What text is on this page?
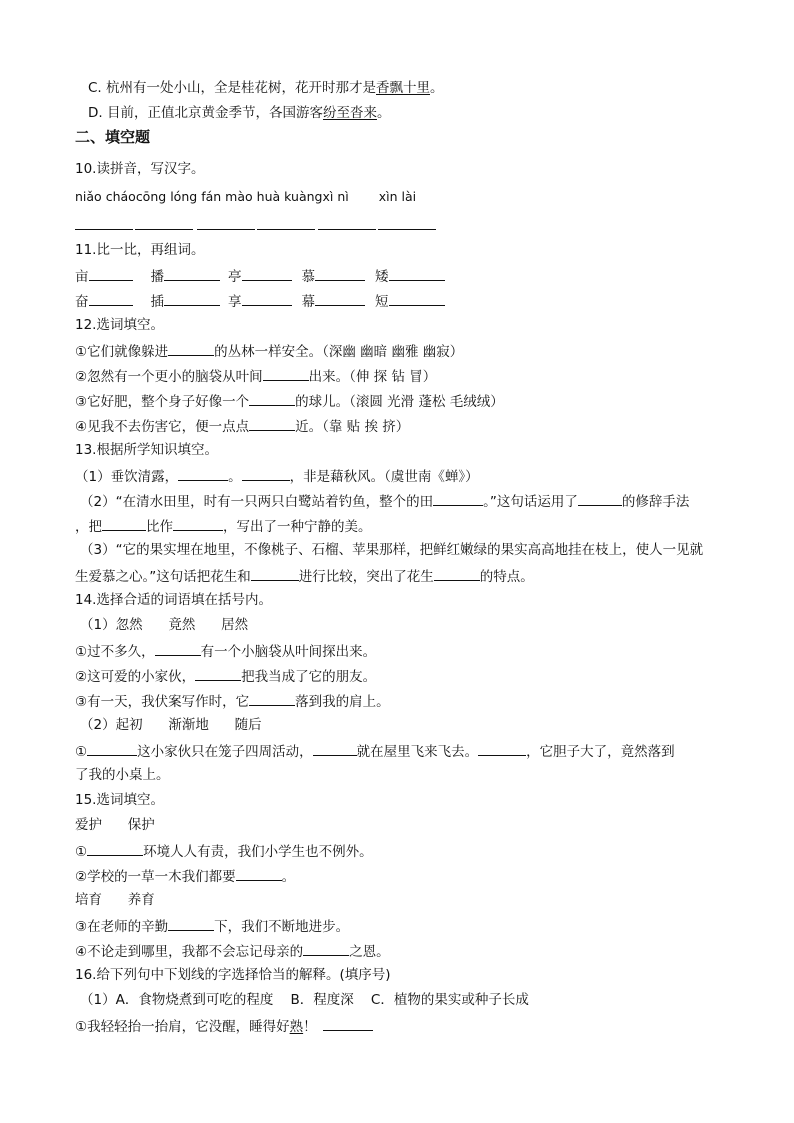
C. 杭州有一处小山，全是桂花树，花开时那才是香飘十里。
D. 目前，正值北京黄金季节，各国游客纷至沓来。
二、填空题
10.读拼音，写汉字。
niǎo cháocōng lóng fán mào huà kuàngxì nì xìn lài
11.比一比，再组词。
亩	播	亭	慕	矮
奋	插	享	幕	短
12.选词填空。
①它们就像躲进	的丛林一样安全。（深幽 幽暗 幽雅 幽寂）
②忽然有一个更小的脑袋从叶间	出来。（伸 探 钻 冒）
③它好肥，整个身子好像一个	的球儿。（滚圆 光滑 蓬松 毛绒绒）
④见我不去伤害它，便一点点	近。（靠 贴 挨 挤）
13.根据所学知识填空。
（1）垂饮清露，	。	，非是藉秋风。（虞世南《蝉》）
（2）“在清水田里，时有一只两只白鹭站着钓鱼，整个的田	。”这句话运用了	的修辞手法
，把	比作	，写出了一种宁静的美。
（3）“它的果实埋在地里，不像桃子、石榴、苹果那样，把鲜红嫩绿的果实高高地挂在枝上，使人一见就
生爱慕之心。”这句话把花生和	进行比较，突出了花生	的特点。
14.选择合适的词语填在括号内。
（1）忽然      竟然      居然
①过不多久，	有一个小脑袋从叶间探出来。
②这可爱的小家伙，	把我当成了它的朋友。
③有一天，我伏案写作时，它	落到我的肩上。
（2）起初      渐渐地      随后
①	这小家伙只在笼子四周活动，	就在屋里飞来飞去。	，它胆子大了，竟然落到
了我的小桌上。
15.选词填空。
爱护      保护
①	环境人人有责，我们小学生也不例外。
②学校的一草一木我们都要	。
培育      养育
③在老师的辛勤	下，我们不断地进步。
④不论走到哪里，我都不会忘记母亲的	之恩。
16.给下列句中下划线的字选择恰当的解释。(填序号)
（1）A．食物烧煮到可吃的程度    B．程度深    C．植物的果实或种子长成
①我轻轻抬一抬肩，它没醒，睡得好熟！
